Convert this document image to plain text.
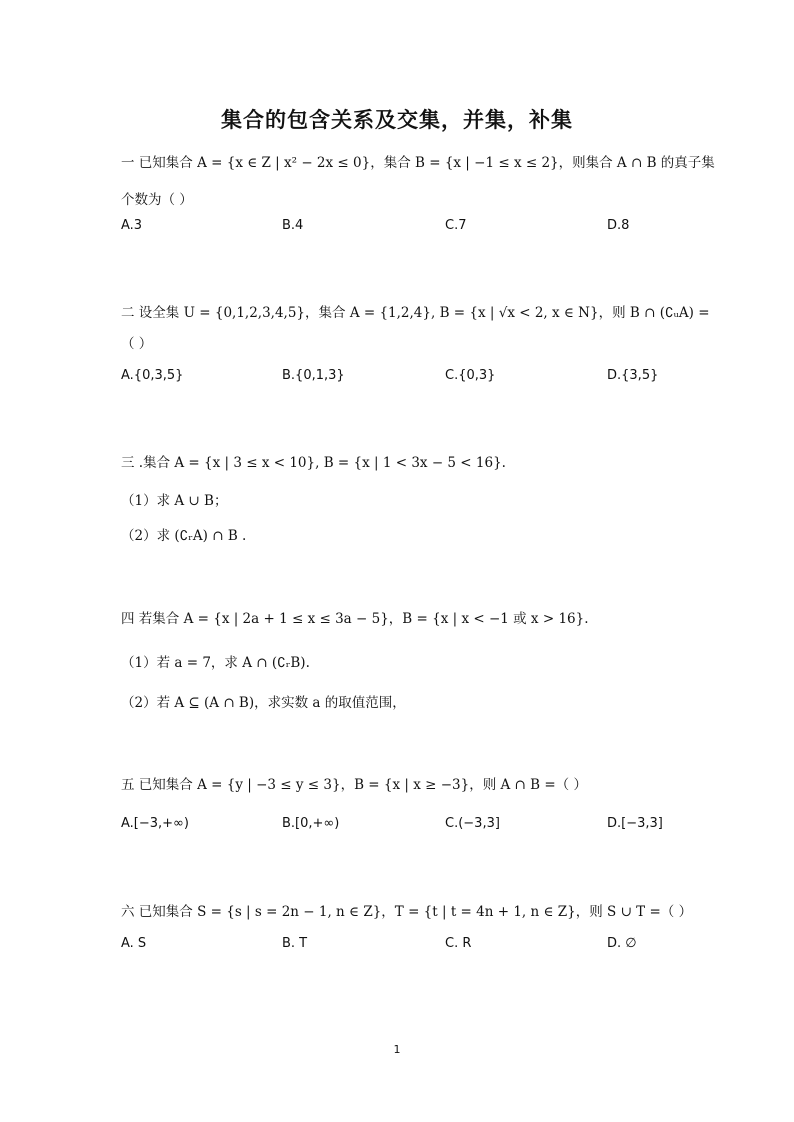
集合的包含关系及交集，并集，补集
一 已知集合 A = {x ∈ Z | x² − 2x ≤ 0}，集合 B = {x | −1 ≤ x ≤ 2}，则集合 A ∩ B 的真子集
个数为（ ）
A.3	B.4	C.7	D.8
二 设全集 U = {0,1,2,3,4,5}，集合 A = {1,2,4}, B = {x | √x < 2, x ∈ N}，则 B ∩ (∁ᵤA) =
（ ）
A.{0,3,5}	B.{0,1,3}	C.{0,3}	D.{3,5}
三 .集合 A = {x | 3 ≤ x < 10}, B = {x | 1 < 3x − 5 < 16}.
（1）求 A ∪ B；
（2）求 (∁ᵣA) ∩ B .
四 若集合 A = {x | 2a + 1 ≤ x ≤ 3a − 5}，B = {x | x < −1 或 x > 16}.
（1）若 a = 7，求 A ∩ (∁ᵣB).
（2）若 A ⊆ (A ∩ B)，求实数 a 的取值范围，
五 已知集合 A = {y | −3 ≤ y ≤ 3}，B = {x | x ≥ −3}，则 A ∩ B =（ ）
A.[−3,+∞)	B.[0,+∞)	C.(−3,3]	D.[−3,3]
六 已知集合 S = {s | s = 2n − 1, n ∈ Z}，T = {t | t = 4n + 1, n ∈ Z}，则 S ∪ T =（ ）
A. S	B. T	C. R	D. ∅
1
